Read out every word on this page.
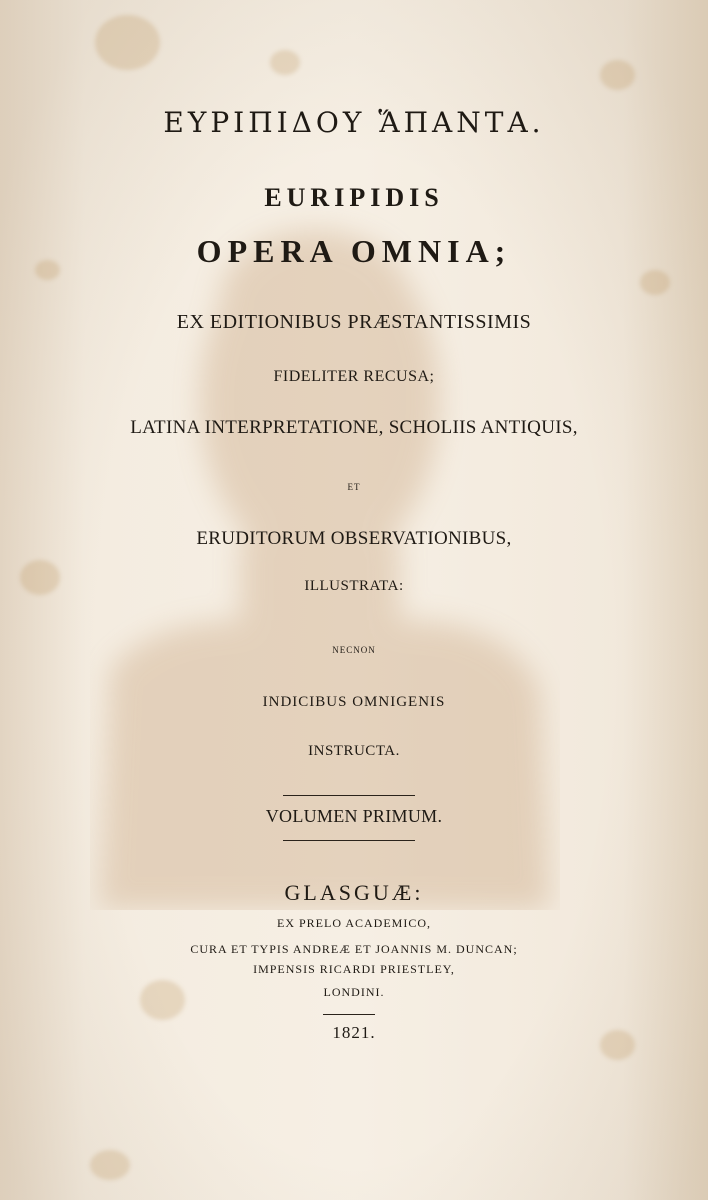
ΕΥΡΙΠΙΔΟΥ ἍΠΑΝΤΑ.
EURIPIDIS
OPERA OMNIA;
EX EDITIONIBUS PRÆSTANTISSIMIS
FIDELITER RECUSA;
LATINA INTERPRETATIONE, SCHOLIIS ANTIQUIS,
ET
ERUDITORUM OBSERVATIONIBUS,
ILLUSTRATA:
NECNON
INDICIBUS OMNIGENIS
INSTRUCTA.
VOLUMEN PRIMUM.
GLASGUÆ:
EX PRELO ACADEMICO,
CURA ET TYPIS ANDREÆ ET JOANNIS M. DUNCAN;
IMPENSIS RICARDI PRIESTLEY,
LONDINI.
1821.
